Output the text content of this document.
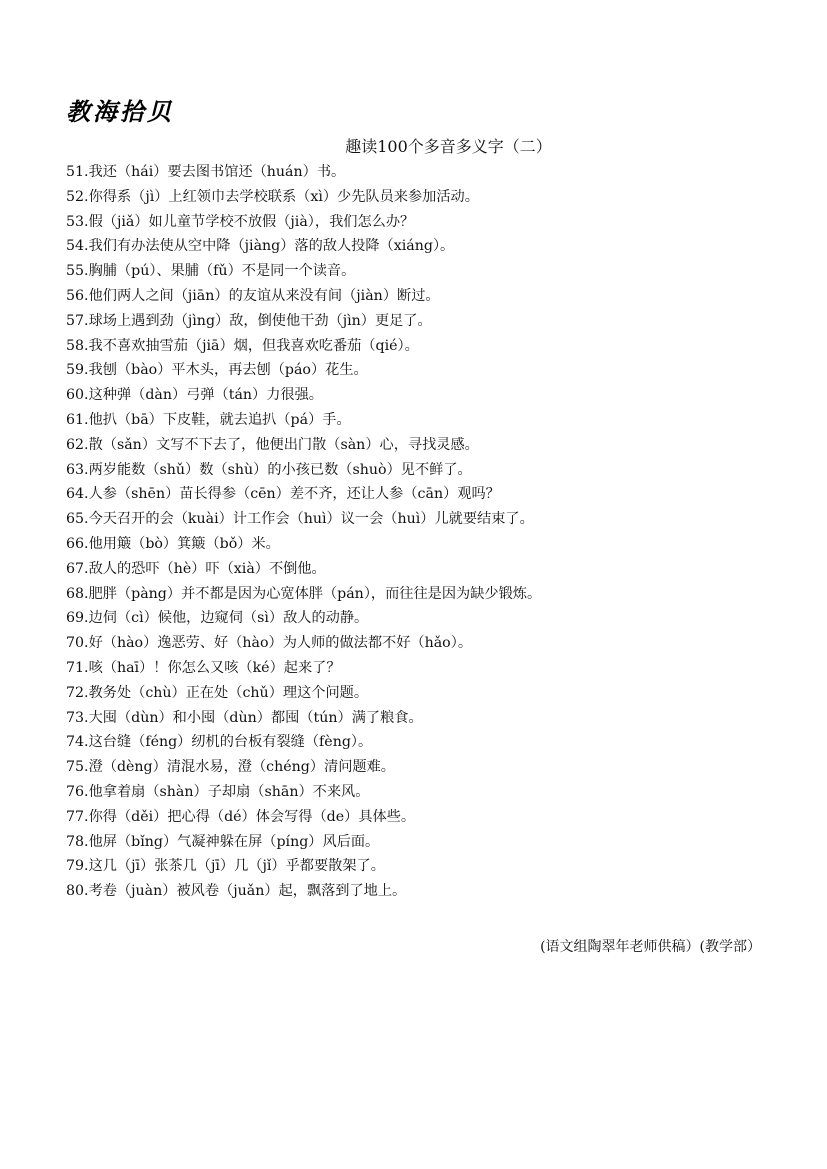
教海拾贝
趣读100个多音多义字（二）
51.我还（hái）要去图书馆还（huán）书。
52.你得系（jì）上红领巾去学校联系（xì）少先队员来参加活动。
53.假（jiǎ）如儿童节学校不放假（jià），我们怎么办？
54.我们有办法使从空中降（jiàng）落的敌人投降（xiáng）。
55.胸脯（pú）、果脯（fǔ）不是同一个读音。
56.他们两人之间（jiān）的友谊从来没有间（jiàn）断过。
57.球场上遇到劲（jìng）敌，倒使他干劲（jìn）更足了。
58.我不喜欢抽雪茄（jiā）烟，但我喜欢吃番茄（qié）。
59.我刨（bào）平木头，再去刨（páo）花生。
60.这种弹（dàn）弓弹（tán）力很强。
61.他扒（bā）下皮鞋，就去追扒（pá）手。
62.散（sǎn）文写不下去了，他便出门散（sàn）心，寻找灵感。
63.两岁能数（shǔ）数（shù）的小孩已数（shuò）见不鲜了。
64.人参（shēn）苗长得参（cēn）差不齐，还让人参（cān）观吗？
65.今天召开的会（kuài）计工作会（huì）议一会（huì）儿就要结束了。
66.他用簸（bò）箕簸（bǒ）米。
67.敌人的恐吓（hè）吓（xià）不倒他。
68.肥胖（pàng）并不都是因为心宽体胖（pán），而往往是因为缺少锻炼。
69.边伺（cì）候他，边窥伺（sì）敌人的动静。
70.好（hào）逸恶劳、好（hào）为人师的做法都不好（hǎo）。
71.咳（haī）！你怎么又咳（ké）起来了？
72.教务处（chù）正在处（chǔ）理这个问题。
73.大囤（dùn）和小囤（dùn）都囤（tún）满了粮食。
74.这台缝（féng）纫机的台板有裂缝（fèng）。
75.澄（dèng）清混水易，澄（chéng）清问题难。
76.他拿着扇（shàn）子却扇（shān）不来风。
77.你得（děi）把心得（dé）体会写得（de）具体些。
78.他屏（bǐng）气凝神躲在屏（píng）风后面。
79.这几（jī）张茶几（jī）几（jǐ）乎都要散架了。
80.考卷（juàn）被风卷（juǎn）起，飘落到了地上。
(语文组陶翠年老师供稿）(教学部）
